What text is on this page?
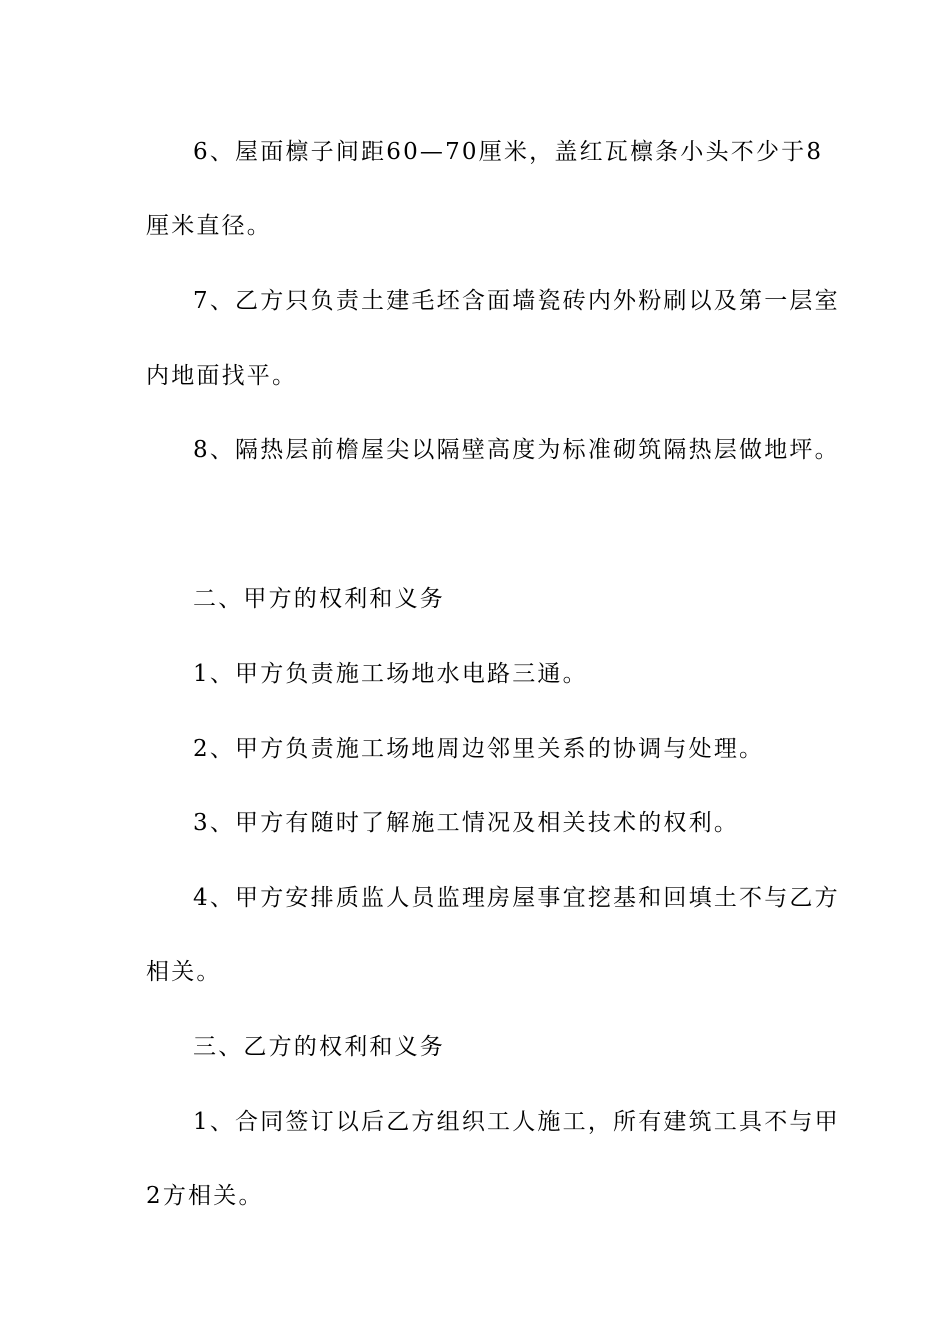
6、屋面檩子间距60—70厘米，盖红瓦檩条小头不少于8
厘米直径。
7、乙方只负责土建毛坯含面墙瓷砖内外粉刷以及第一层室
内地面找平。
8、隔热层前檐屋尖以隔壁高度为标准砌筑隔热层做地坪。
二、甲方的权利和义务
1、甲方负责施工场地水电路三通。
2、甲方负责施工场地周边邻里关系的协调与处理。
3、甲方有随时了解施工情况及相关技术的权利。
4、甲方安排质监人员监理房屋事宜挖基和回填土不与乙方
相关。
三、乙方的权利和义务
1、合同签订以后乙方组织工人施工，所有建筑工具不与甲
2方相关。
